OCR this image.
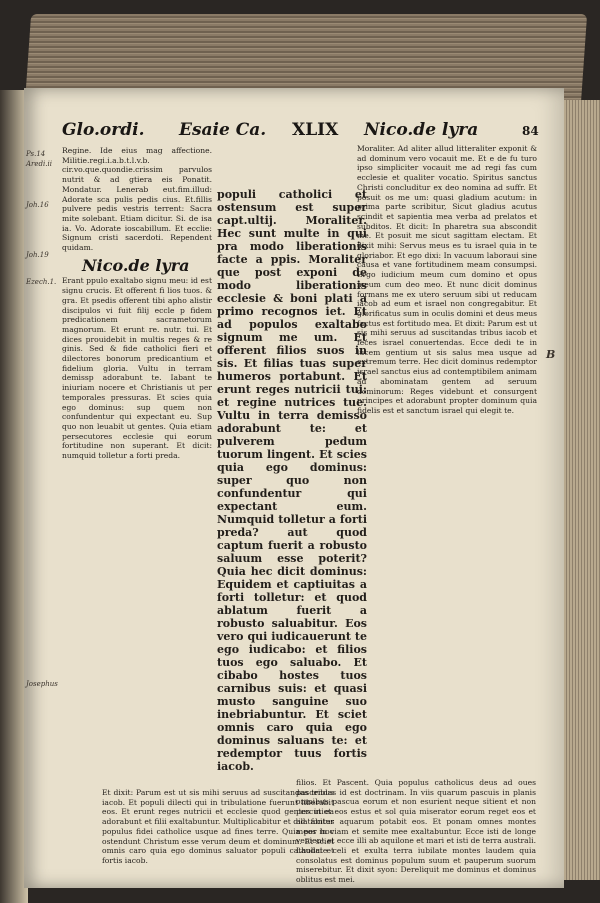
Glo.ordi. Esaie Ca. XLIX Nico.de lyra	84

Regine. Ide eius mag affectione. Militie.regi.i.a.b.t.l.v.b. cir.vo.que.quondie.crissim parvulos nutrit & ad gtiera eis Ponatit. Mondatur. Lenerab eut.fim.illud: Adorate sca pulis pedis cius. Et.fillis pulvere pedis vestris terrent: Sacra mite solebant. Etiam dicitur. Si. de isa ia. Vo. Adorate ioscabillum. Et ecclie: Signum cristi sacerdoti. Rependent quidam.

Nico.de lyra

Erant ppulo exaltabo signu meu: id est signu crucis. Et offerent fi lios tuos. & gra. Et psedis offerent tibi apho alistir discipulos vi fuit filij eccle p fidem predicationem sacrametorum magnorum. Et erunt re. nutr. tui. Et dices prouidebit in multis reges & re ginis. Sed & fide catholici fieri et dilectores bonorum predicantium et fidelium gloria. Vultu in terram demissp adorabunt te. Iabant te iniuriam nocere et Christianis ut per temporales pressuras. Et scies quia ego dominus: sup quem non confundentur qui expectant eu. Sup quo non leuabit ut gentes. Quia etiam persecutores ecclesie qui eorum fortitudine non superant. Et dicit: numquid tolletur a forti preda.

Ps.14
Aredi.ii
Joh.16
Joh.19
Ezech.1.
Josephus

populi catholici et ostensum est super capt.ultij. Moraliter. Hec sunt multe in qui pra modo liberationis facte a ppis. Moraliter que post exponi de modo liberationis ecclesie & boni plati a primo recognos iet. Et ad populos exaltabo signum me um. Et offerent filios suos in sis. Et filias tuas super humeros portabunt. Et erunt reges nutricii tui: et regine nutrices tue. Vultu in terra demisso adorabunt te: et pulverem pedum tuorum lingent. Et scies quia ego dominus: super quo non confundentur qui expectant eum. Numquid tolletur a forti preda? aut quod captum fuerit a robusto saluum esse poterit? Quia hec dicit dominus: Equidem et captiuitas a forti tolletur: et quod ablatum fuerit a robusto saluabitur. Eos vero qui iudicauerunt te ego iudicabo: et filios tuos ego saluabo. Et cibabo hostes tuos carnibus suis: et quasi musto sanguine suo inebriabuntur. Et sciet omnis caro quia ego dominus saluans te: et redemptor tuus fortis iacob.

Moraliter. Ad aliter allud litteraliter exponit & ad dominum vero vocauit me. Et e de fu turo ipso simpliciter vocauit me ad regi fas cum ecclesie et qualiter vocatio. Spiritus sanctus Christi concluditur ex deo nomina ad suffr. Et posuit os me um: quasi gladium acutum: in prima parte scribitur, Sicut gladius acutus scindit et sapientia mea verba ad prelatos et subditos. Et dicit: In pharetra sua abscondit me. Et posuit me sicut sagittam electam. Et dixit mihi: Servus meus es tu israel quia in te gloriabor. Et ego dixi: In vacuum laboraui sine causa et vane fortitudinem meam consumpsi. Ergo iudicium meum cum domino et opus meum cum deo meo. Et nunc dicit dominus formans me ex utero seruum sibi ut reducam iacob ad eum et israel non congregabitur. Et glorificatus sum in oculis domini et deus meus factus est fortitudo mea. Et dixit: Parum est ut sis mihi seruus ad suscitandas tribus iacob et feces israel conuertendas. Ecce dedi te in lucem gentium ut sis salus mea usque ad extremum terre. Hec dicit dominus redemptor israel sanctus eius ad contemptibilem animam ad abominatam gentem ad seruum dominorum: Reges videbunt et consurgent principes et adorabunt propter dominum quia fidelis est et sanctum israel qui elegit te.

B

Et dixit: Parum est ut sis mihi seruus ad suscitandas tribus iacob. Et populi dilecti qui in tribulatione fuerunt liberabit eos. Et erunt reges nutricii et ecclesie quod gentes in ea adorabunt et filii exaltabuntur. Multiplicabitur et dilatabitur populus fidei catholice usque ad fines terre. Quia per hoc ostendunt Christum esse verum deum et dominum. Et sciet omnis caro quia ego dominus saluator populi catholici et fortis iacob.

filios. Et Pascent. Quia populus catholicus deus ad oues pascendas id est doctrinam. In viis quarum pascuis in planis omnibus pascua eorum et non esurient neque sitient et non percutiet eos estus et sol quia miserator eorum reget eos et ad fontes aquarum potabit eos. Et ponam omnes montes meos in viam et semite mee exaltabuntur. Ecce isti de longe venient et ecce illi ab aquilone et mari et isti de terra australi. Laudate celi et exulta terra iubilate montes laudem quia consolatus est dominus populum suum et pauperum suorum miserebitur. Et dixit syon: Dereliquit me dominus et dominus oblitus est mei.
